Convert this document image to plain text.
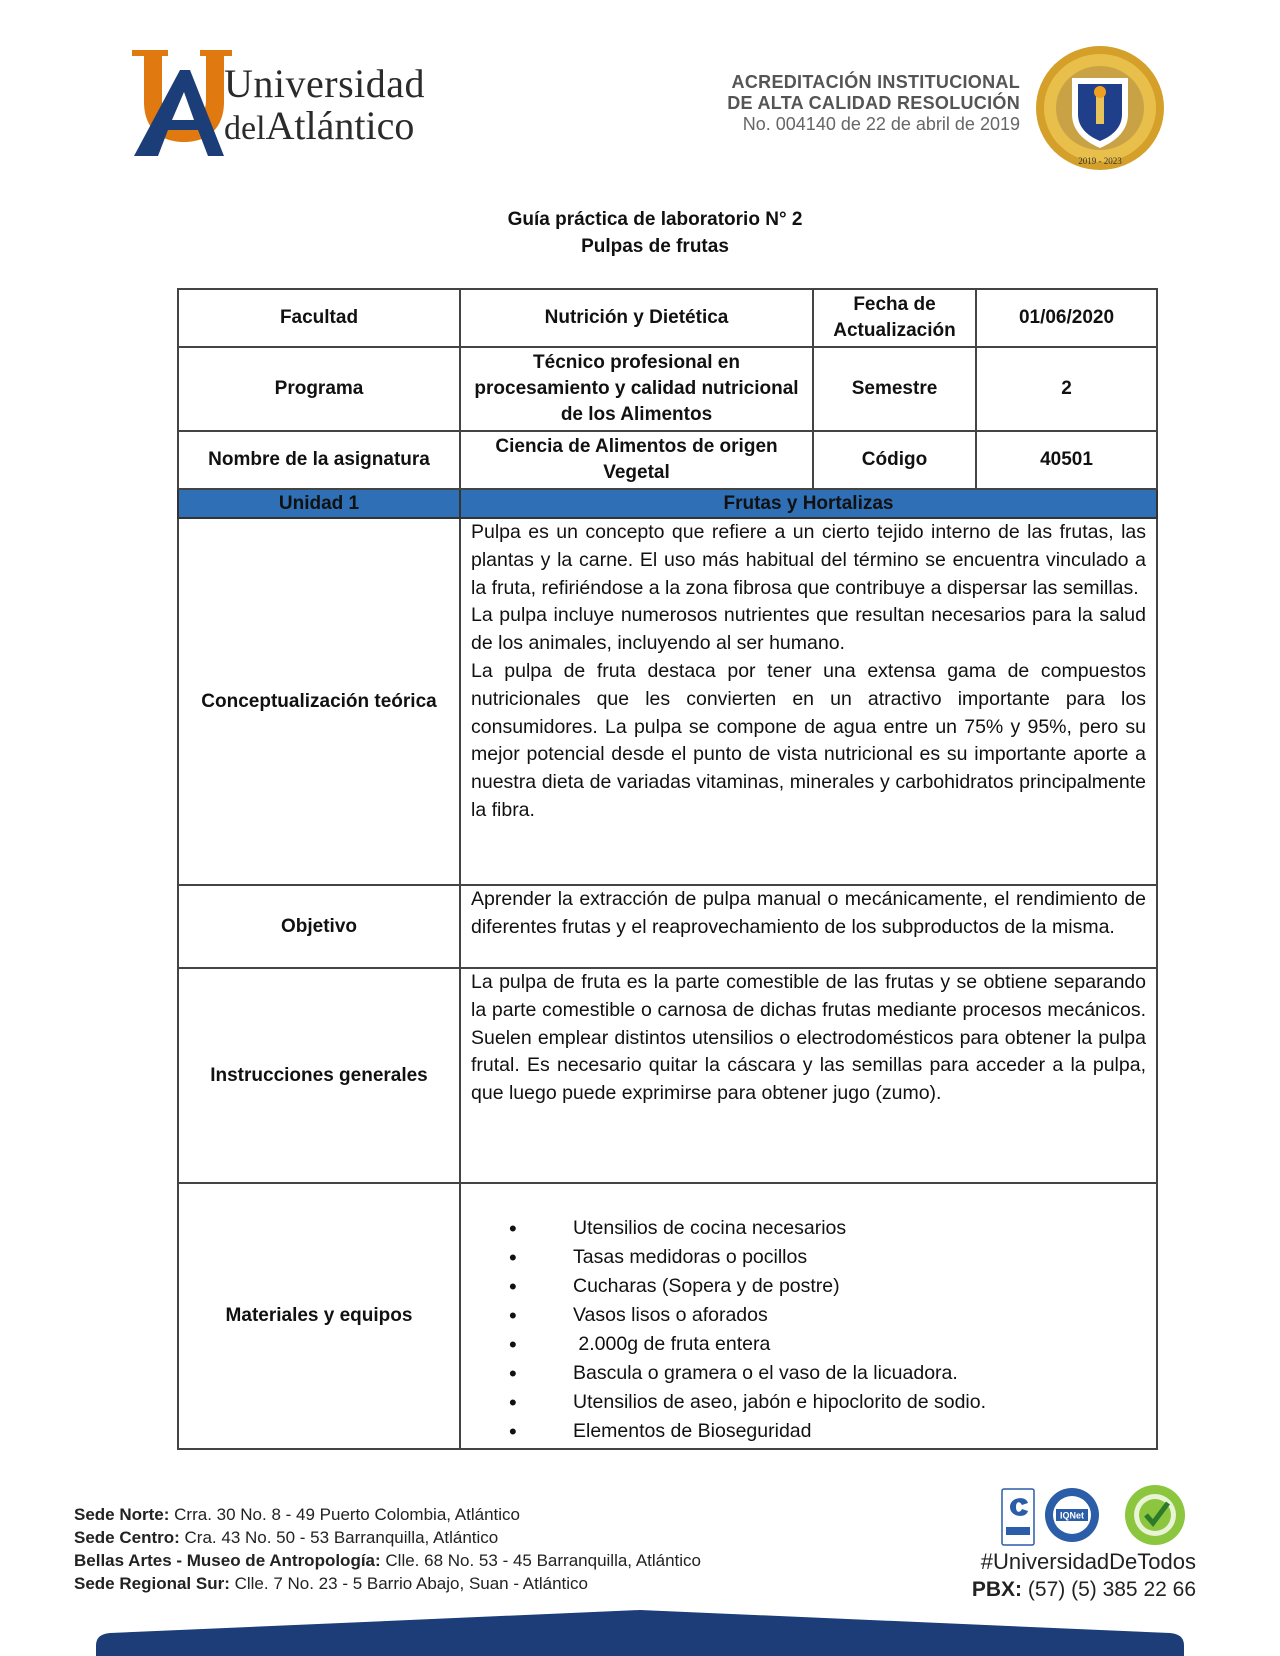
Universidad
delAtlántico
ACREDITACIÓN INSTITUCIONAL
DE ALTA CALIDAD RESOLUCIÓN
No. 004140 de 22 de abril de 2019
2019 - 2023
Guía práctica de laboratorio N° 2
Pulpas de frutas
Facultad	Nutrición y Dietética	Fecha de Actualización	01/06/2020
Programa	Técnico profesional en procesamiento y calidad nutricional de los Alimentos	Semestre	2
Nombre de la asignatura	Ciencia de Alimentos de origen Vegetal	Código	40501
Unidad 1	Frutas y Hortalizas		
Conceptualización teórica	Pulpa es un concepto que refiere a un cierto tejido interno de las frutas, las plantas y la carne. El uso más habitual del término se encuentra vinculado a la fruta, refiriéndose a la zona fibrosa que contribuye a dispersar las semillas.

La pulpa incluye numerosos nutrientes que resultan necesarios para la salud de los animales, incluyendo al ser humano.

La pulpa de fruta destaca por tener una extensa gama de compuestos nutricionales que les convierten en un atractivo importante para los consumidores. La pulpa se compone de agua entre un 75% y 95%, pero su mejor potencial desde el punto de vista nutricional es su importante aporte a nuestra dieta de variadas vitaminas, minerales y carbohidratos principalmente la fibra.		

Objetivo	Aprender la extracción de pulpa manual o mecánicamente, el rendimiento de diferentes frutas y el reaprovechamiento de los subproductos de la misma.		
Instrucciones generales	La pulpa de fruta es la parte comestible de las frutas y se obtiene separando la parte comestible o carnosa de dichas frutas mediante procesos mecánicos. Suelen emplear distintos utensilios o electrodomésticos para obtener la pulpa frutal. Es necesario quitar la cáscara y las semillas para acceder a la pulpa, que luego puede exprimirse para obtener jugo (zumo).		
Materiales y equipos	
• Utensilios de cocina necesarios
• Tasas medidoras o pocillos
• Cucharas (Sopera y de postre)
• Vasos lisos o aforados
•  2.000g de fruta entera
• Bascula o gramera o el vaso de la licuadora.
• Utensilios de aseo, jabón e hipoclorito de sodio.
• Elementos de Bioseguridad
Sede Norte: Crra. 30 No. 8 - 49 Puerto Colombia, Atlántico
Sede Centro: Cra. 43 No. 50 - 53 Barranquilla, Atlántico
Bellas Artes - Museo de Antropología: Clle. 68 No. 53 - 45 Barranquilla, Atlántico
Sede Regional Sur: Clle. 7 No. 23 - 5 Barrio Abajo, Suan - Atlántico
IQNet
#UniversidadDeTodos
PBX: (57) (5) 385 22 66
